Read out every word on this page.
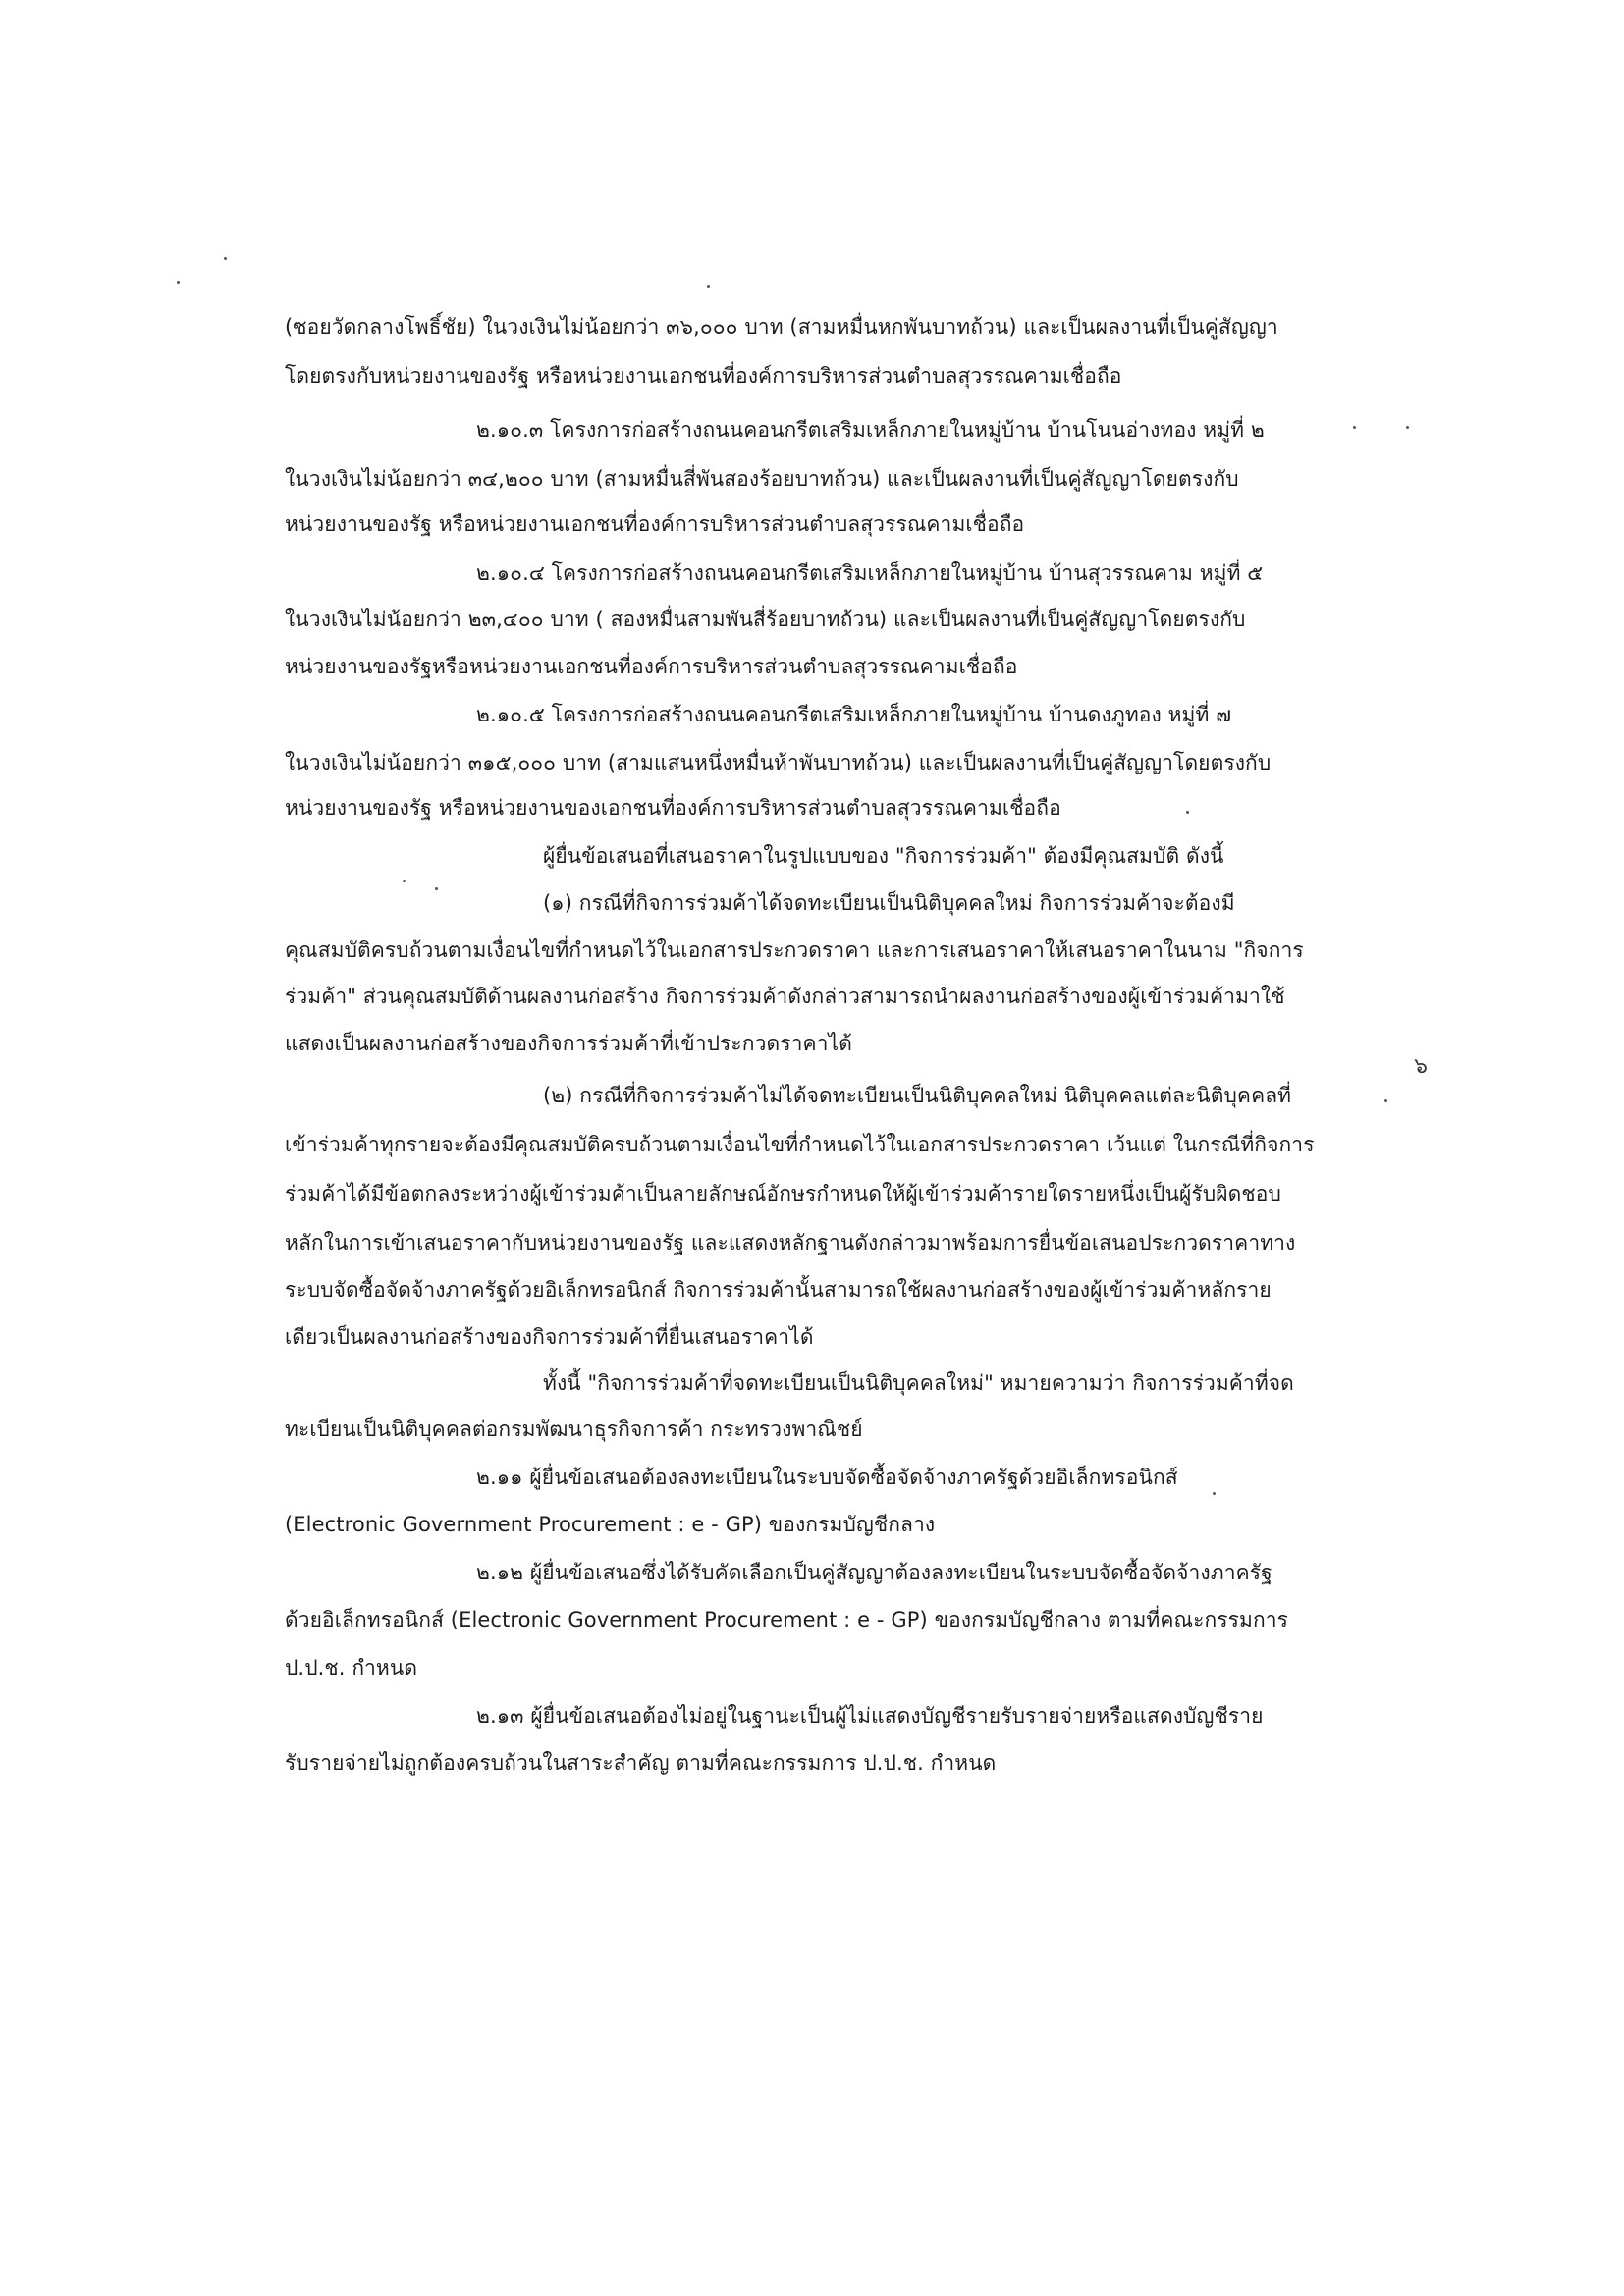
(ซอยวัดกลางโพธิ์ชัย) ในวงเงินไม่น้อยกว่า ๓๖,๐๐๐ บาท (สามหมื่นหกพันบาทถ้วน) และเป็นผลงานที่เป็นคู่สัญญา
โดยตรงกับหน่วยงานของรัฐ หรือหน่วยงานเอกชนที่องค์การบริหารส่วนตำบลสุวรรณคามเชื่อถือ
๒.๑๐.๓ โครงการก่อสร้างถนนคอนกรีตเสริมเหล็กภายในหมู่บ้าน บ้านโนนอ่างทอง หมู่ที่ ๒
ในวงเงินไม่น้อยกว่า ๓๔,๒๐๐ บาท (สามหมื่นสี่พันสองร้อยบาทถ้วน) และเป็นผลงานที่เป็นคู่สัญญาโดยตรงกับ
หน่วยงานของรัฐ หรือหน่วยงานเอกชนที่องค์การบริหารส่วนตำบลสุวรรณคามเชื่อถือ
๒.๑๐.๔ โครงการก่อสร้างถนนคอนกรีตเสริมเหล็กภายในหมู่บ้าน บ้านสุวรรณคาม หมู่ที่ ๕
ในวงเงินไม่น้อยกว่า ๒๓,๔๐๐ บาท ( สองหมื่นสามพันสี่ร้อยบาทถ้วน) และเป็นผลงานที่เป็นคู่สัญญาโดยตรงกับ
หน่วยงานของรัฐหรือหน่วยงานเอกชนที่องค์การบริหารส่วนตำบลสุวรรณคามเชื่อถือ
๒.๑๐.๕ โครงการก่อสร้างถนนคอนกรีตเสริมเหล็กภายในหมู่บ้าน บ้านดงภูทอง หมู่ที่ ๗
ในวงเงินไม่น้อยกว่า ๓๑๕,๐๐๐ บาท (สามแสนหนึ่งหมื่นห้าพันบาทถ้วน) และเป็นผลงานที่เป็นคู่สัญญาโดยตรงกับ
หน่วยงานของรัฐ หรือหน่วยงานของเอกชนที่องค์การบริหารส่วนตำบลสุวรรณคามเชื่อถือ
ผู้ยื่นข้อเสนอที่เสนอราคาในรูปแบบของ "กิจการร่วมค้า" ต้องมีคุณสมบัติ ดังนี้
(๑) กรณีที่กิจการร่วมค้าได้จดทะเบียนเป็นนิติบุคคลใหม่ กิจการร่วมค้าจะต้องมี
คุณสมบัติครบถ้วนตามเงื่อนไขที่กำหนดไว้ในเอกสารประกวดราคา และการเสนอราคาให้เสนอราคาในนาม "กิจการ
ร่วมค้า" ส่วนคุณสมบัติด้านผลงานก่อสร้าง กิจการร่วมค้าดังกล่าวสามารถนำผลงานก่อสร้างของผู้เข้าร่วมค้ามาใช้
แสดงเป็นผลงานก่อสร้างของกิจการร่วมค้าที่เข้าประกวดราคาได้
(๒) กรณีที่กิจการร่วมค้าไม่ได้จดทะเบียนเป็นนิติบุคคลใหม่ นิติบุคคลแต่ละนิติบุคคลที่
เข้าร่วมค้าทุกรายจะต้องมีคุณสมบัติครบถ้วนตามเงื่อนไขที่กำหนดไว้ในเอกสารประกวดราคา เว้นแต่ ในกรณีที่กิจการ
ร่วมค้าได้มีข้อตกลงระหว่างผู้เข้าร่วมค้าเป็นลายลักษณ์อักษรกำหนดให้ผู้เข้าร่วมค้ารายใดรายหนึ่งเป็นผู้รับผิดชอบ
หลักในการเข้าเสนอราคากับหน่วยงานของรัฐ และแสดงหลักฐานดังกล่าวมาพร้อมการยื่นข้อเสนอประกวดราคาทาง
ระบบจัดซื้อจัดจ้างภาครัฐด้วยอิเล็กทรอนิกส์ กิจการร่วมค้านั้นสามารถใช้ผลงานก่อสร้างของผู้เข้าร่วมค้าหลักราย
เดียวเป็นผลงานก่อสร้างของกิจการร่วมค้าที่ยื่นเสนอราคาได้
ทั้งนี้ "กิจการร่วมค้าที่จดทะเบียนเป็นนิติบุคคลใหม่" หมายความว่า กิจการร่วมค้าที่จด
ทะเบียนเป็นนิติบุคคลต่อกรมพัฒนาธุรกิจการค้า กระทรวงพาณิชย์
๒.๑๑ ผู้ยื่นข้อเสนอต้องลงทะเบียนในระบบจัดซื้อจัดจ้างภาครัฐด้วยอิเล็กทรอนิกส์
(Electronic Government Procurement : e - GP) ของกรมบัญชีกลาง
๒.๑๒ ผู้ยื่นข้อเสนอซึ่งได้รับคัดเลือกเป็นคู่สัญญาต้องลงทะเบียนในระบบจัดซื้อจัดจ้างภาครัฐ
ด้วยอิเล็กทรอนิกส์ (Electronic Government Procurement : e - GP) ของกรมบัญชีกลาง ตามที่คณะกรรมการ
ป.ป.ช. กำหนด
๒.๑๓ ผู้ยื่นข้อเสนอต้องไม่อยู่ในฐานะเป็นผู้ไม่แสดงบัญชีรายรับรายจ่ายหรือแสดงบัญชีราย
รับรายจ่ายไม่ถูกต้องครบถ้วนในสาระสำคัญ ตามที่คณะกรรมการ ป.ป.ช. กำหนด
๖
